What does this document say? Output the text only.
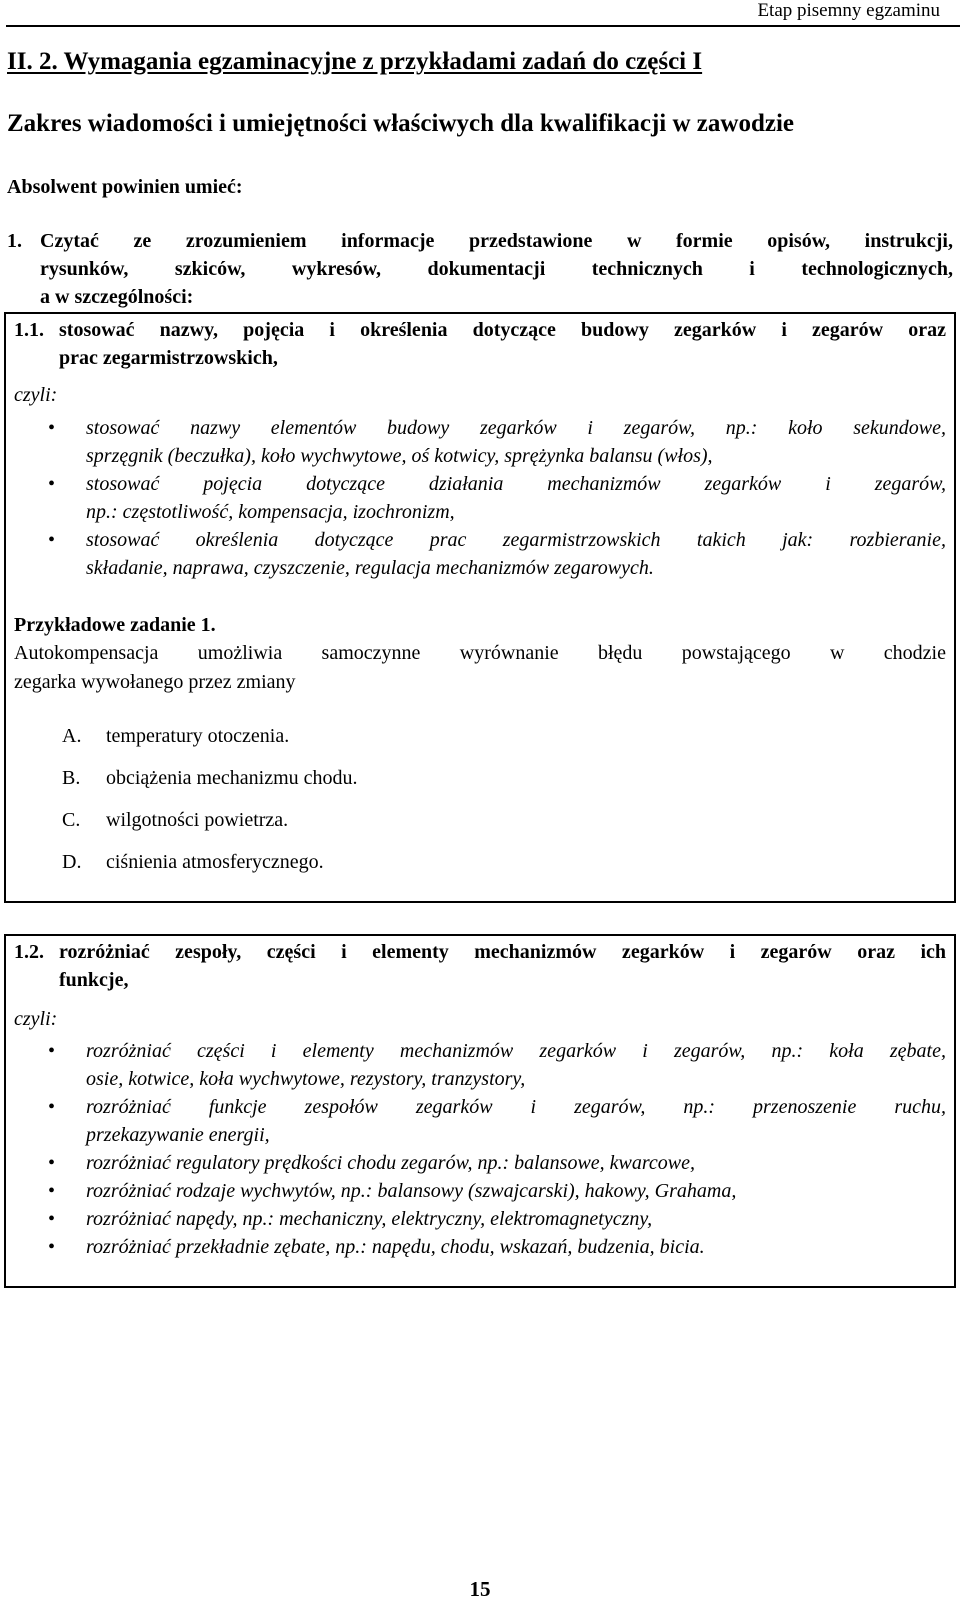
Etap pisemny egzaminu
II. 2. Wymagania egzaminacyjne z przykładami zadań do części I
Zakres wiadomości i umiejętności właściwych dla kwalifikacji w zawodzie
Absolwent powinien umieć:
1. Czytać ze zrozumieniem informacje przedstawione w formie opisów, instrukcji,
rysunków, szkiców, wykresów, dokumentacji technicznych i technologicznych,
a w szczególności:
1.1. stosować nazwy, pojęcia i określenia dotyczące budowy zegarków i zegarów oraz
prac zegarmistrzowskich,
czyli:
• stosować nazwy elementów budowy zegarków i zegarów, np.: koło sekundowe,
sprzęgnik (beczułka), koło wychwytowe, oś kotwicy, sprężynka balansu (włos),
• stosować pojęcia dotyczące działania mechanizmów zegarków i zegarów,
np.: częstotliwość, kompensacja, izochronizm,
• stosować określenia dotyczące prac zegarmistrzowskich takich jak: rozbieranie,
składanie, naprawa, czyszczenie, regulacja mechanizmów zegarowych.
Przykładowe zadanie 1.
Autokompensacja umożliwia samoczynne wyrównanie błędu powstającego w chodzie
zegarka wywołanego przez zmiany
A.	temperatury otoczenia.
B.	obciążenia mechanizmu chodu.
C.	wilgotności powietrza.
D.	ciśnienia atmosferycznego.
1.2. rozróżniać zespoły, części i elementy mechanizmów zegarków i zegarów oraz ich
funkcje,
czyli:
• rozróżniać części i elementy mechanizmów zegarków i zegarów, np.: koła zębate,
osie, kotwice, koła wychwytowe, rezystory, tranzystory,
• rozróżniać funkcje zespołów zegarków i zegarów, np.: przenoszenie ruchu,
przekazywanie energii,
• rozróżniać regulatory prędkości chodu zegarów, np.: balansowe, kwarcowe,
• rozróżniać rodzaje wychwytów, np.: balansowy (szwajcarski), hakowy, Grahama,
• rozróżniać napędy, np.: mechaniczny, elektryczny, elektromagnetyczny,
• rozróżniać przekładnie zębate, np.: napędu, chodu, wskazań, budzenia, bicia.
15
